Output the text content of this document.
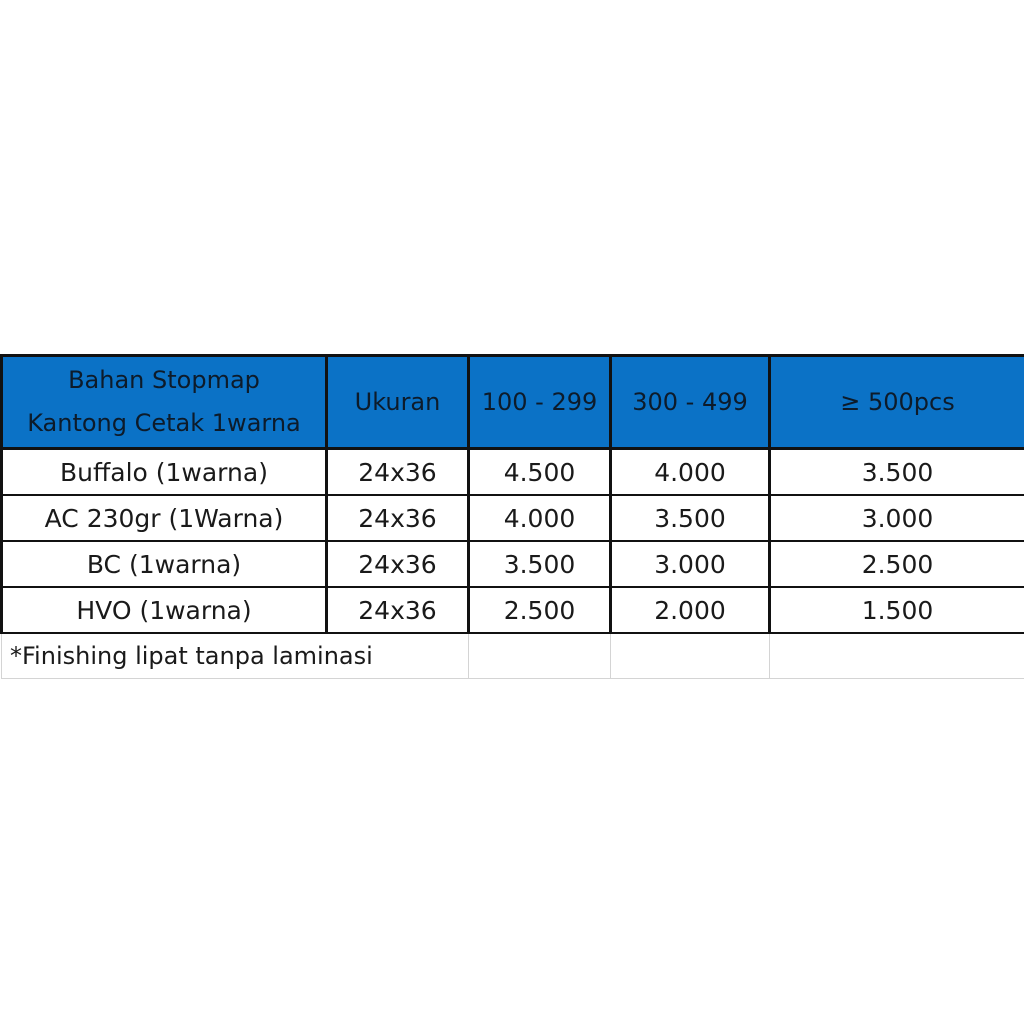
Bahan Stopmap
Kantong Cetak 1warna	Ukuran	100 - 299	300 - 499	≥ 500pcs
Buffalo (1warna)	24x36	4.500	4.000	3.500
AC 230gr (1Warna)	24x36	4.000	3.500	3.000
BC (1warna)	24x36	3.500	3.000	2.500
HVO (1warna)	24x36	2.500	2.000	1.500
*Finishing lipat tanpa laminasi				
